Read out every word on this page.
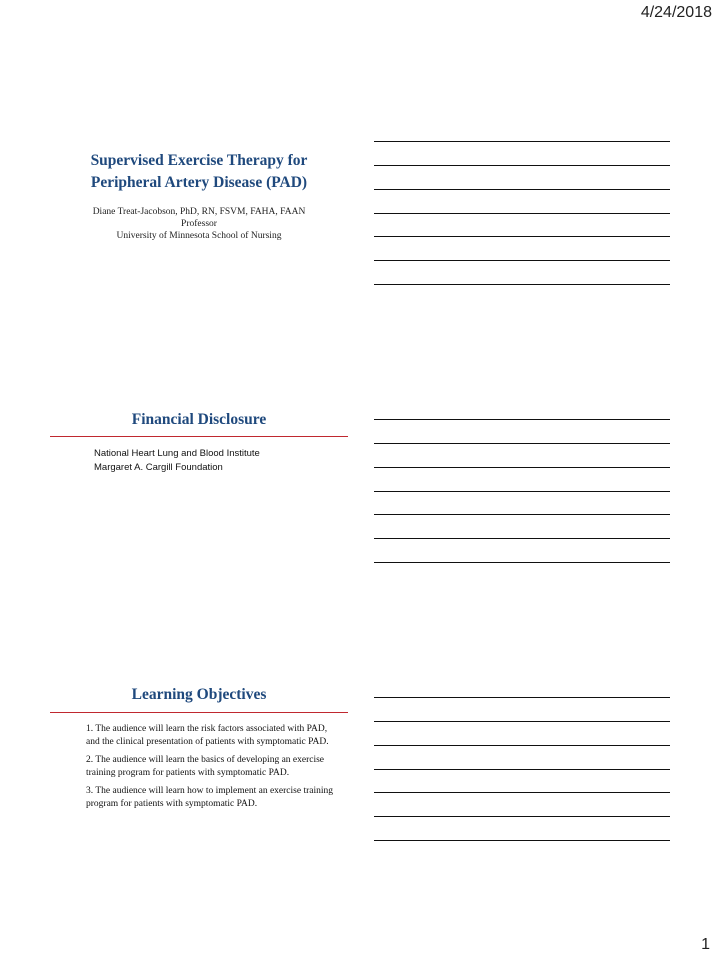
4/24/2018
Supervised Exercise Therapy for
Peripheral Artery Disease (PAD)
Diane Treat-Jacobson, PhD, RN, FSVM, FAHA, FAAN
Professor
University of Minnesota School of Nursing
Financial Disclosure
National Heart Lung and Blood Institute
Margaret A. Cargill Foundation
Learning Objectives

1. The audience will learn the risk factors associated with PAD, and the clinical presentation of patients with symptomatic PAD.

2. The audience will learn the basics of developing an exercise training program for patients with symptomatic PAD.

3. The audience will learn how to implement an exercise training program for patients with symptomatic PAD.

1
